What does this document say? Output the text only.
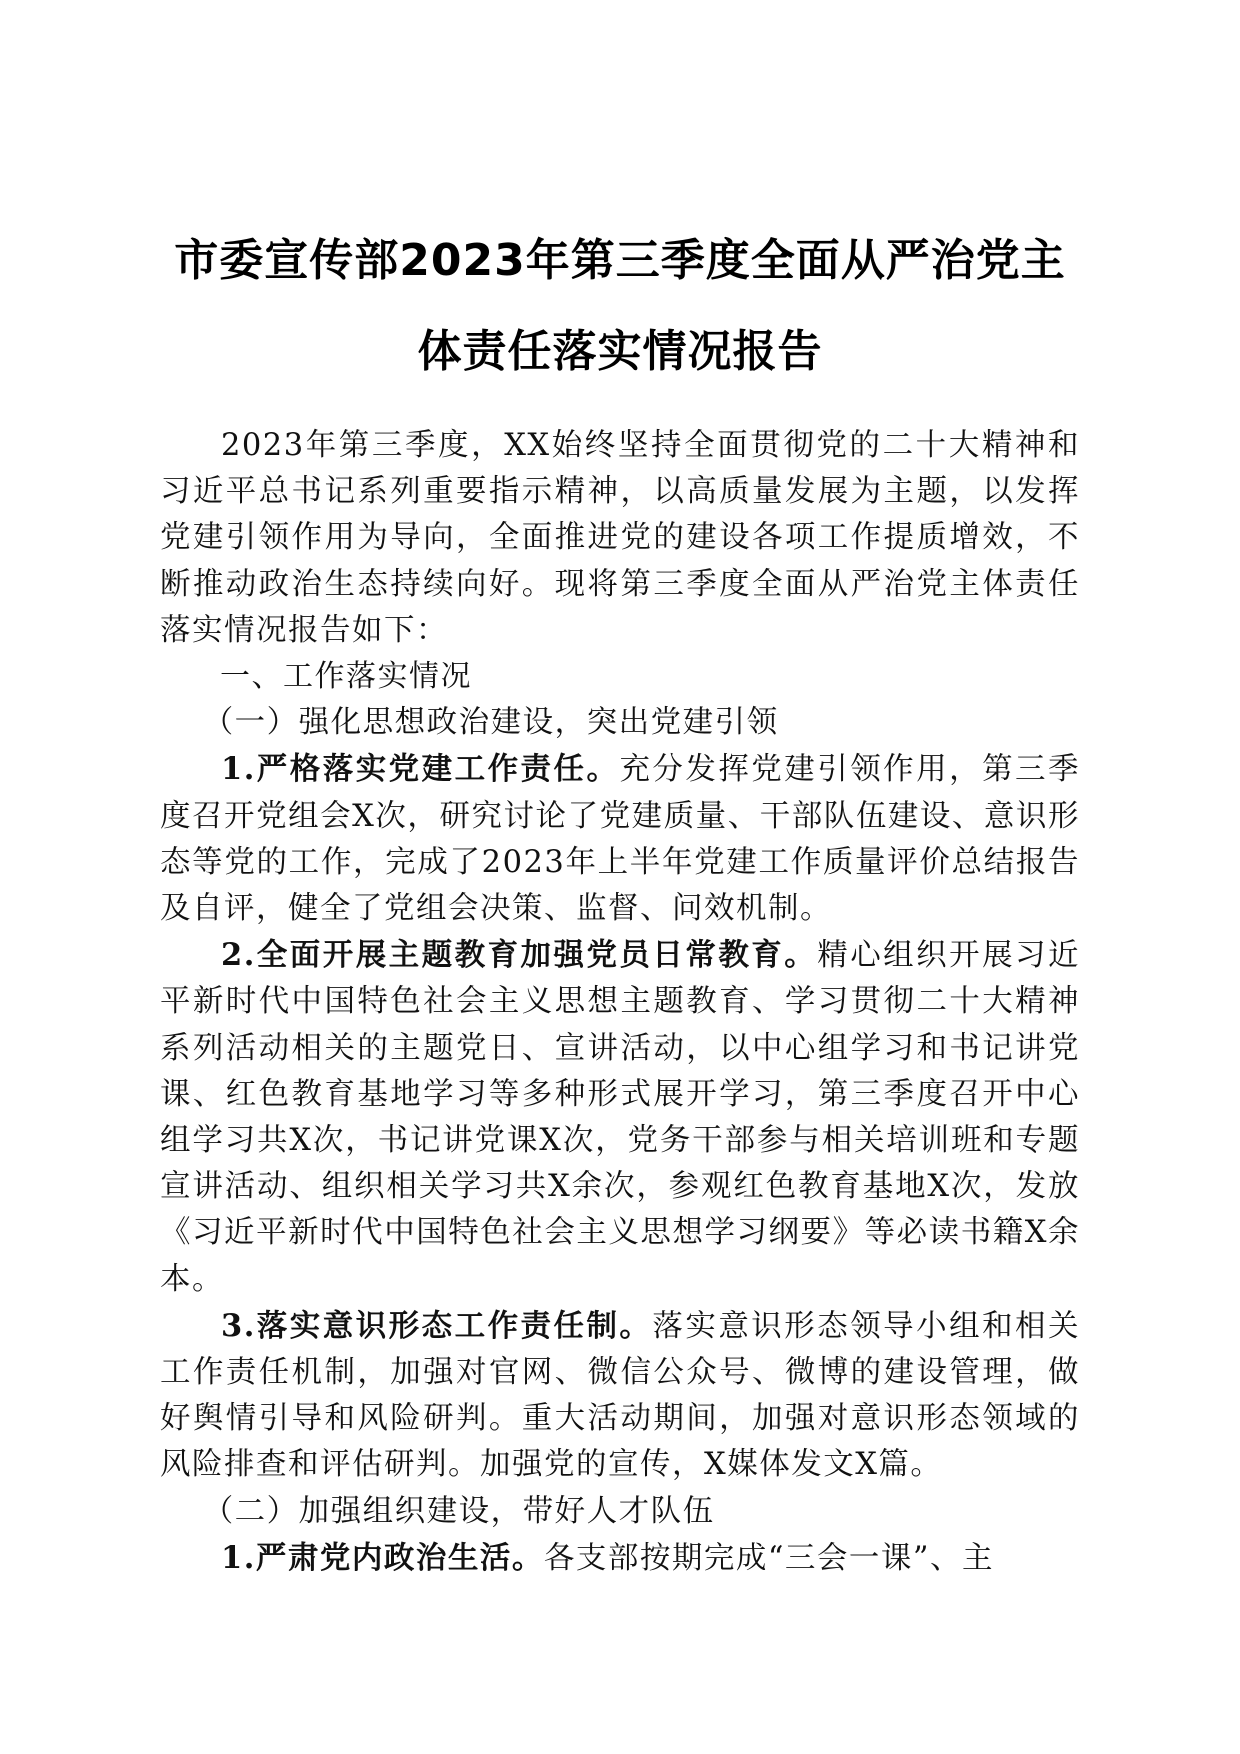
市委宣传部2023年第三季度全面从严治党主
体责任落实情况报告

2023年第三季度，XX始终坚持全面贯彻党的二十大精神和习近平总书记系列重要指示精神，以高质量发展为主题，以发挥党建引领作用为导向，全面推进党的建设各项工作提质增效，不断推动政治生态持续向好。现将第三季度全面从严治党主体责任落实情况报告如下：

一、工作落实情况

（一）强化思想政治建设，突出党建引领

1.严格落实党建工作责任。充分发挥党建引领作用，第三季度召开党组会X次，研究讨论了党建质量、干部队伍建设、意识形态等党的工作，完成了2023年上半年党建工作质量评价总结报告及自评，健全了党组会决策、监督、问效机制。

2.全面开展主题教育加强党员日常教育。精心组织开展习近平新时代中国特色社会主义思想主题教育、学习贯彻二十大精神系列活动相关的主题党日、宣讲活动，以中心组学习和书记讲党课、红色教育基地学习等多种形式展开学习，第三季度召开中心组学习共X次，书记讲党课X次，党务干部参与相关培训班和专题宣讲活动、组织相关学习共X余次，参观红色教育基地X次，发放《习近平新时代中国特色社会主义思想学习纲要》等必读书籍X余本。

3.落实意识形态工作责任制。落实意识形态领导小组和相关工作责任机制，加强对官网、微信公众号、微博的建设管理，做好舆情引导和风险研判。重大活动期间，加强对意识形态领域的风险排查和评估研判。加强党的宣传，X媒体发文X篇。

（二）加强组织建设，带好人才队伍

1.严肃党内政治生活。各支部按期完成“三会一课”、主
